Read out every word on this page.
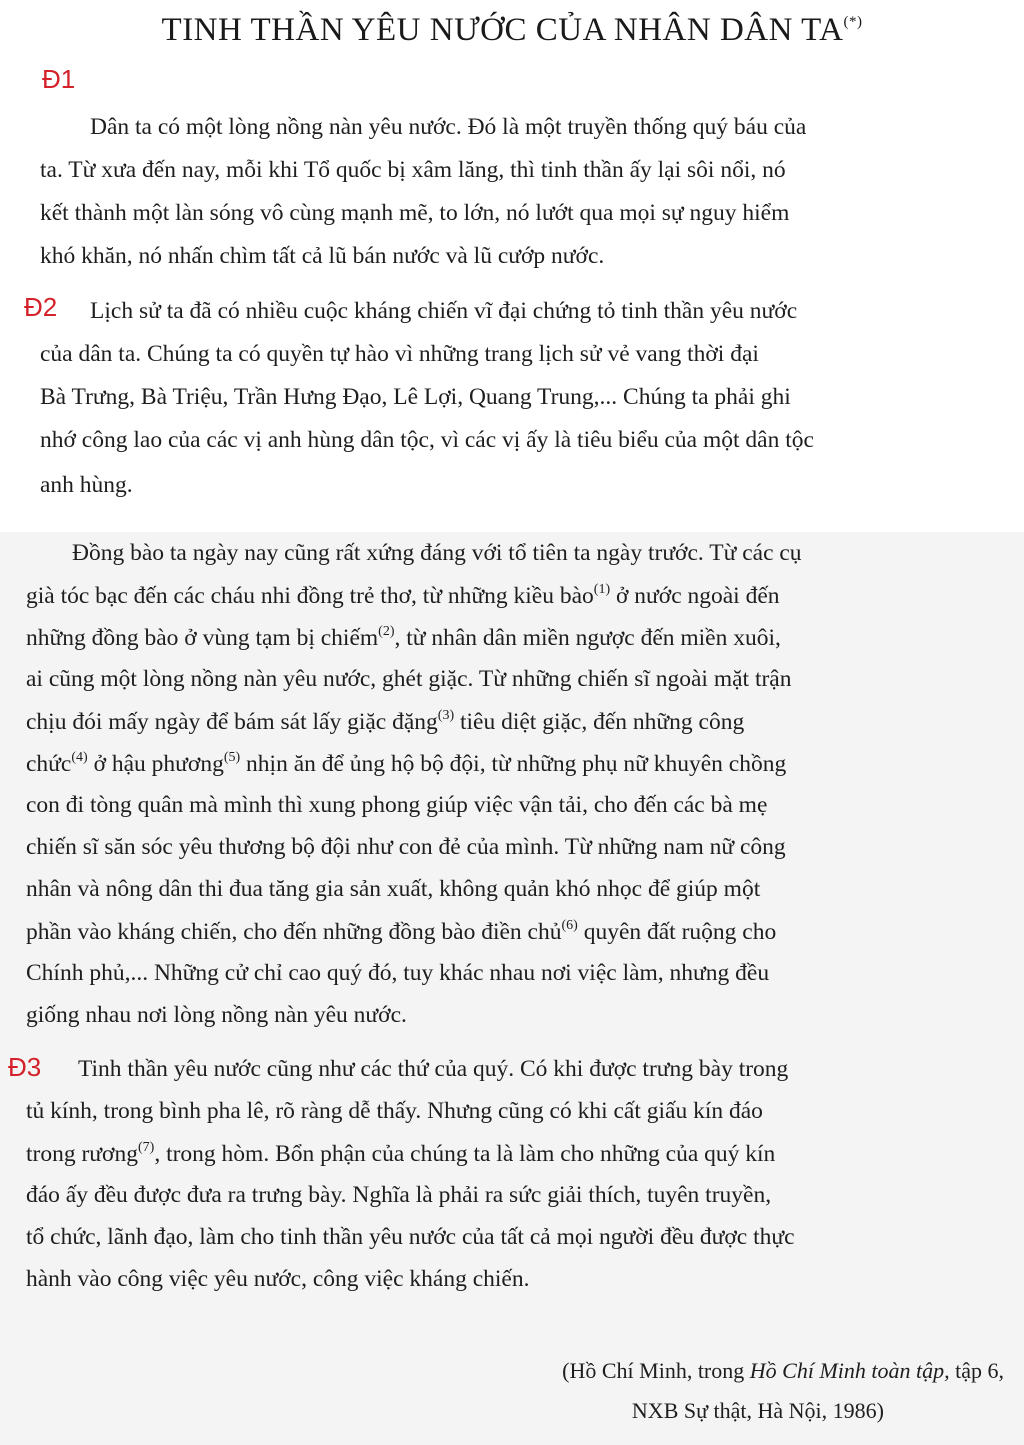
TINH THẦN YÊU NƯỚC CỦA NHÂN DÂN TA(*)
Đ1
Dân ta có một lòng nồng nàn yêu nước. Đó là một truyền thống quý báu của
ta. Từ xưa đến nay, mỗi khi Tổ quốc bị xâm lăng, thì tinh thần ấy lại sôi nổi, nó
kết thành một làn sóng vô cùng mạnh mẽ, to lớn, nó lướt qua mọi sự nguy hiểm
khó khăn, nó nhấn chìm tất cả lũ bán nước và lũ cướp nước.
Đ2 Lịch sử ta đã có nhiều cuộc kháng chiến vĩ đại chứng tỏ tinh thần yêu nước
của dân ta. Chúng ta có quyền tự hào vì những trang lịch sử vẻ vang thời đại
Bà Trưng, Bà Triệu, Trần Hưng Đạo, Lê Lợi, Quang Trung,... Chúng ta phải ghi
nhớ công lao của các vị anh hùng dân tộc, vì các vị ấy là tiêu biểu của một dân tộc
anh hùng.
Đồng bào ta ngày nay cũng rất xứng đáng với tổ tiên ta ngày trước. Từ các cụ
già tóc bạc đến các cháu nhi đồng trẻ thơ, từ những kiều bào$^{(1)}$ ở nước ngoài đến
những đồng bào ở vùng tạm bị chiếm$^{(2)}$, từ nhân dân miền ngược đến miền xuôi,
ai cũng một lòng nồng nàn yêu nước, ghét giặc. Từ những chiến sĩ ngoài mặt trận
chịu đói mấy ngày để bám sát lấy giặc đặng$^{(3)}$ tiêu diệt giặc, đến những công
chức$^{(4)}$ ở hậu phương$^{(5)}$ nhịn ăn để ủng hộ bộ đội, từ những phụ nữ khuyên chồng
con đi tòng quân mà mình thì xung phong giúp việc vận tải, cho đến các bà mẹ
chiến sĩ săn sóc yêu thương bộ đội như con đẻ của mình. Từ những nam nữ công
nhân và nông dân thi đua tăng gia sản xuất, không quản khó nhọc để giúp một
phần vào kháng chiến, cho đến những đồng bào điền chủ$^{(6)}$ quyên đất ruộng cho
Chính phủ,... Những cử chỉ cao quý đó, tuy khác nhau nơi việc làm, nhưng đều
giống nhau nơi lòng nồng nàn yêu nước.
Đ3 Tinh thần yêu nước cũng như các thứ của quý. Có khi được trưng bày trong
tủ kính, trong bình pha lê, rõ ràng dễ thấy. Nhưng cũng có khi cất giấu kín đáo
trong rương$^{(7)}$, trong hòm. Bổn phận của chúng ta là làm cho những của quý kín
đáo ấy đều được đưa ra trưng bày. Nghĩa là phải ra sức giải thích, tuyên truyền,
tổ chức, lãnh đạo, làm cho tinh thần yêu nước của tất cả mọi người đều được thực
hành vào công việc yêu nước, công việc kháng chiến.
(Hồ Chí Minh, trong Hồ Chí Minh toàn tập, tập 6,
NXB Sự thật, Hà Nội, 1986)
